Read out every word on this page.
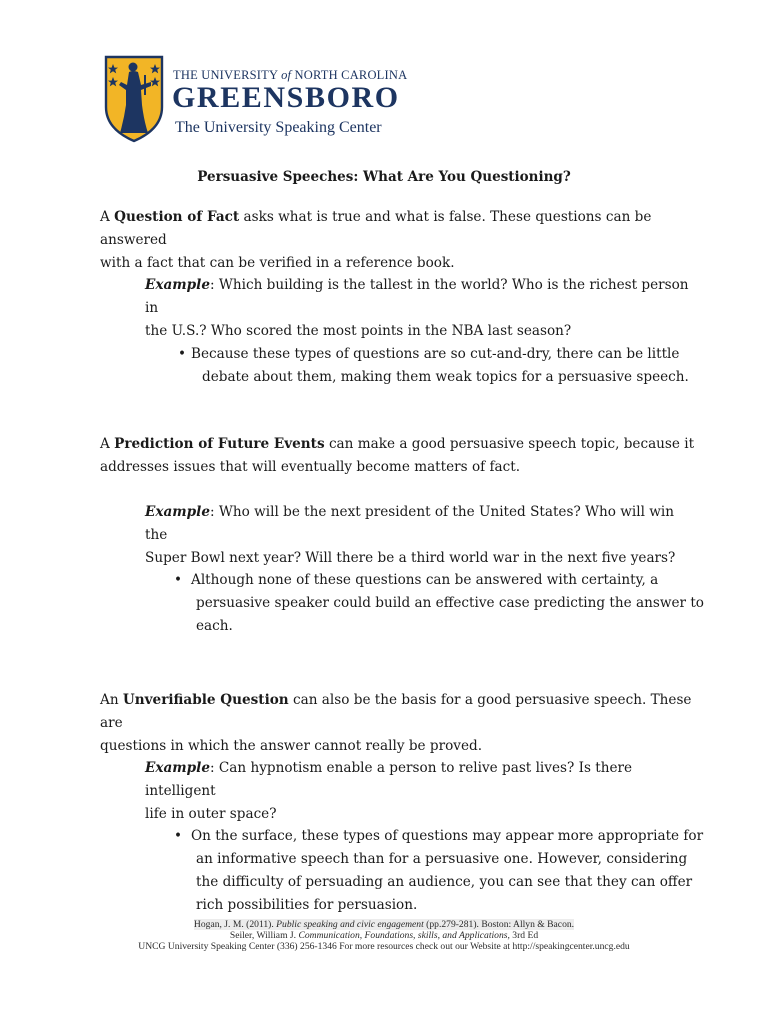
THE UNIVERSITY of NORTH CAROLINA
GREENSBORO
The University Speaking Center
Persuasive Speeches: What Are You Questioning?
A Question of Fact asks what is true and what is false. These questions can be answered
with a fact that can be verified in a reference book.
Example: Which building is the tallest in the world? Who is the richest person in
the U.S.? Who scored the most points in the NBA last season?
• Because these types of questions are so cut-and-dry, there can be little
debate about them, making them weak topics for a persuasive speech.
A Prediction of Future Events can make a good persuasive speech topic, because it
addresses issues that will eventually become matters of fact.
Example: Who will be the next president of the United States? Who will win the
Super Bowl next year? Will there be a third world war in the next five years?
• Although none of these questions can be answered with certainty, a
persuasive speaker could build an effective case predicting the answer to
each.
An Unverifiable Question can also be the basis for a good persuasive speech. These are
questions in which the answer cannot really be proved.
Example: Can hypnotism enable a person to relive past lives? Is there intelligent
life in outer space?
• On the surface, these types of questions may appear more appropriate for
an informative speech than for a persuasive one. However, considering
the difficulty of persuading an audience, you can see that they can offer
rich possibilities for persuasion.
Hogan, J. M. (2011). Public speaking and civic engagement (pp.279-281). Boston: Allyn & Bacon.
Seiler, William J. Communication, Foundations, skills, and Applications, 3rd Ed
UNCG University Speaking Center (336) 256-1346 For more resources check out our Website at http://speakingcenter.uncg.edu
